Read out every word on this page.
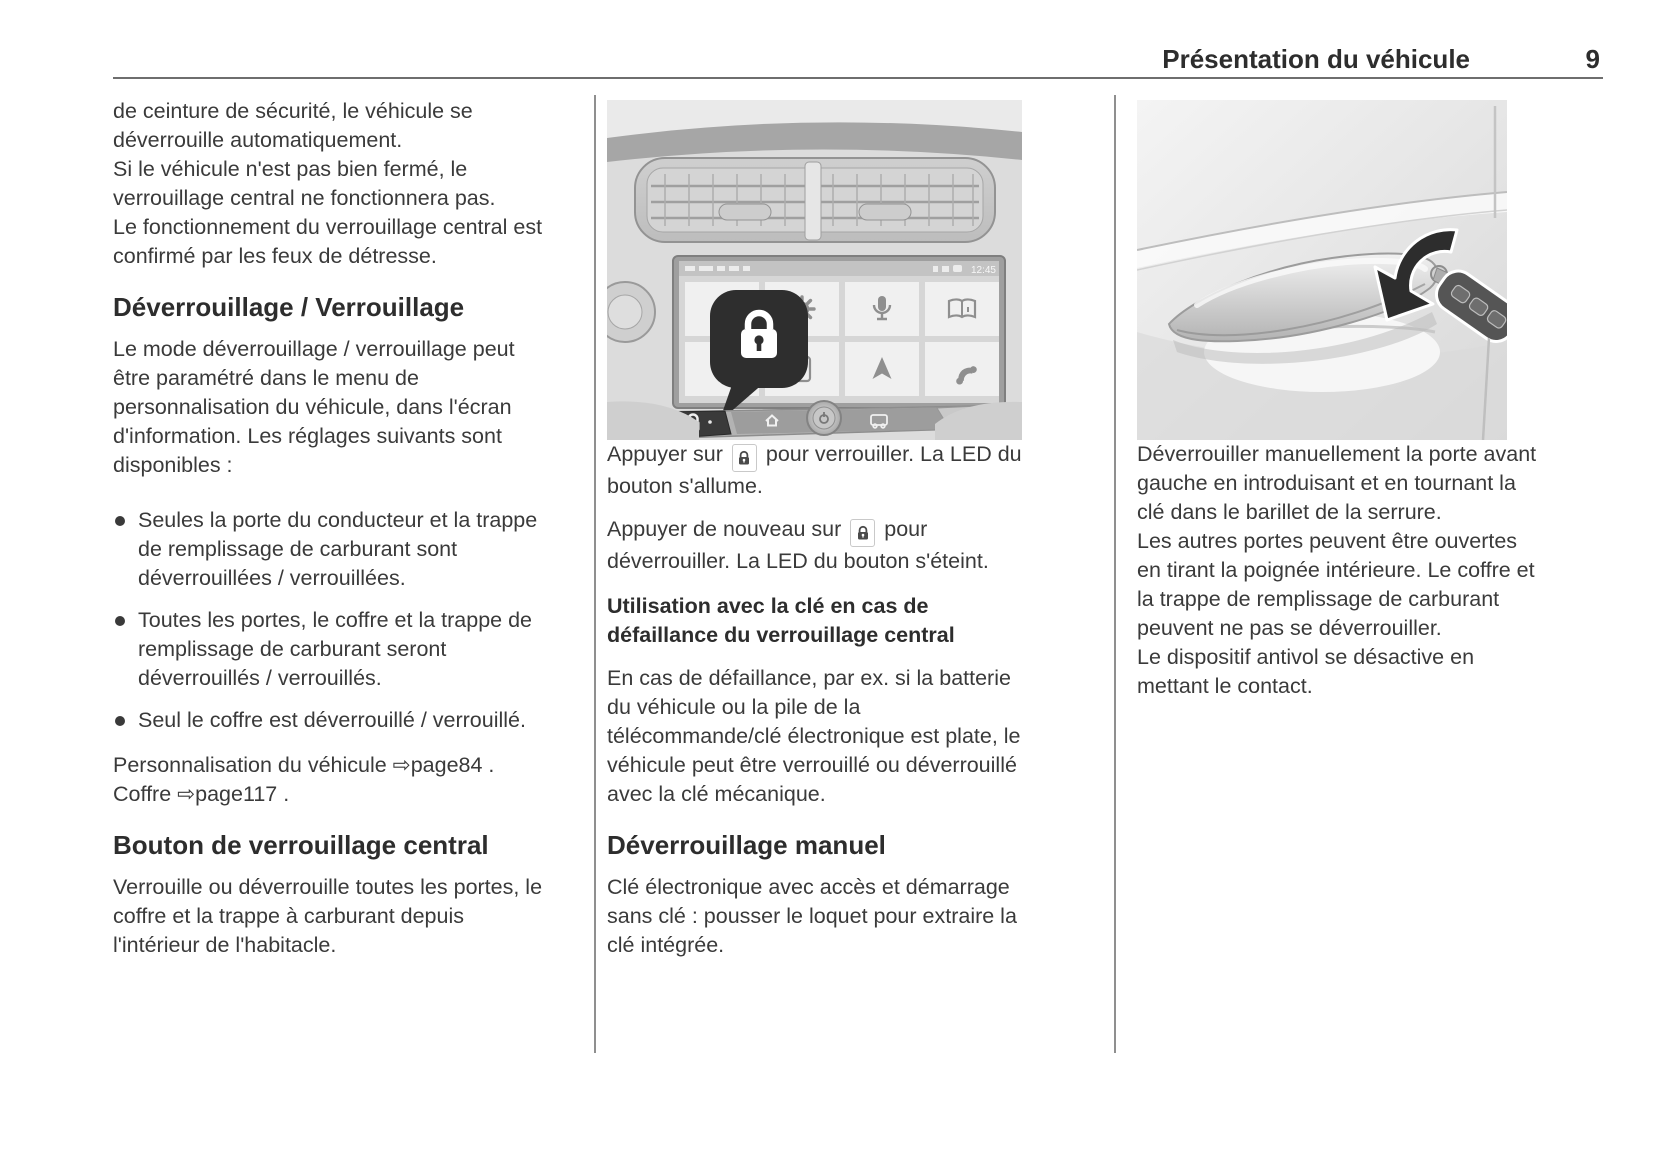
Présentation du véhicule	9
de ceinture de sécurité, le véhicule se déverrouille automatiquement.
Si le véhicule n'est pas bien fermé, le verrouillage central ne fonctionnera pas.
Le fonctionnement du verrouillage central est confirmé par les feux de détresse.
Déverrouillage / Verrouillage

Le mode déverrouillage / verrouillage peut être paramétré dans le menu de personnalisation du véhicule, dans l'écran d'information. Les réglages suivants sont disponibles :

Seules la porte du conducteur et la trappe de remplissage de carburant sont déverrouillées / verrouillées.
Toutes les portes, le coffre et la trappe de remplissage de carburant seront déverrouillés / verrouillés.
Seul le coffre est déverrouillé / verrouillé.
Personnalisation du véhicule ⇨page84 .
Coffre ⇨page117 .
Bouton de verrouillage central

Verrouille ou déverrouille toutes les portes, le coffre et la trappe à carburant depuis l'intérieur de l'habitacle.

12:45

Appuyer sur pour verrouiller. La LED du bouton s'allume.

Appuyer de nouveau sur pour déverrouiller. La LED du bouton s'éteint.

Utilisation avec la clé en cas de défaillance du verrouillage central

En cas de défaillance, par ex. si la batterie du véhicule ou la pile de la télécommande/clé électronique est plate, le véhicule peut être verrouillé ou déverrouillé avec la clé mécanique.

Déverrouillage manuel

Clé électronique avec accès et démarrage sans clé : pousser le loquet pour extraire la clé intégrée.

Déverrouiller manuellement la porte avant gauche en introduisant et en tournant la clé dans le barillet de la serrure.
Les autres portes peuvent être ouvertes en tirant la poignée intérieure. Le coffre et la trappe de remplissage de carburant peuvent ne pas se déverrouiller.
Le dispositif antivol se désactive en mettant le contact.
